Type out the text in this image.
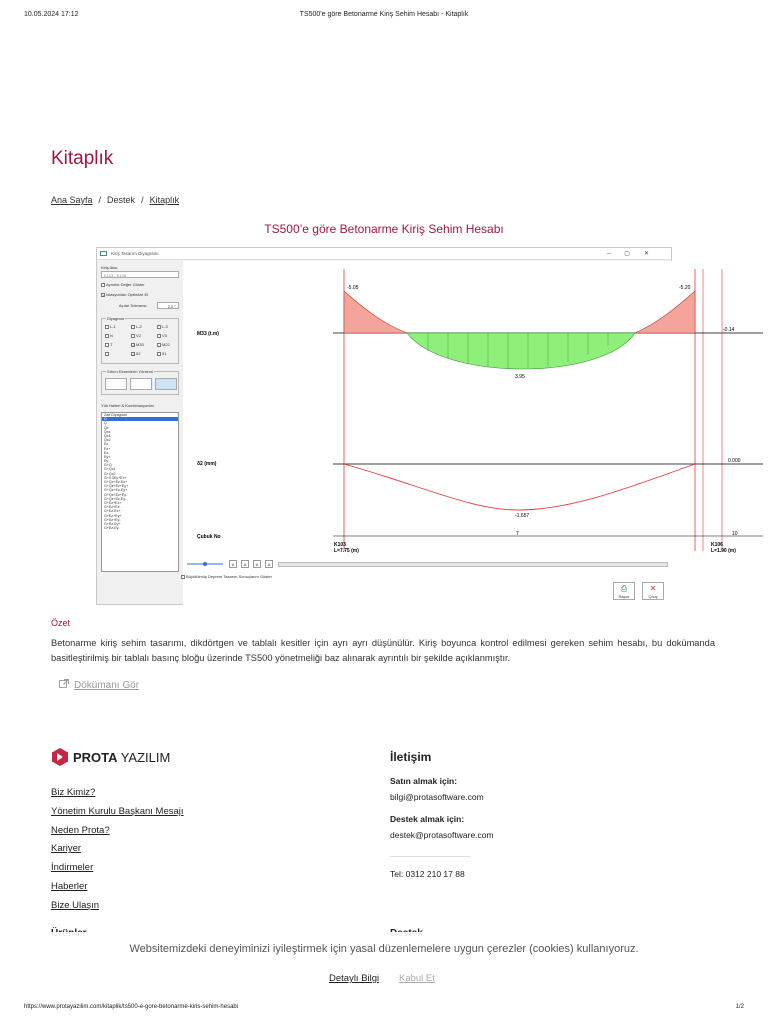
10.05.2024 17:12	TS500'e göre Betonarme Kiriş Sehim Hesabı - Kitaplık
Kitaplık
Ana Sayfa / Destek / Kitaplık
TS500’e göre Betonarme Kiriş Sehim Hesabı
Kiriş Tasarım Diyagramı	–▢✕
Kiriş Aksı
K103 - K106
Ayrıntılı Değer Göster
✓İstasyonları Optimize Et
Açılar Toleransı:	2.0 °
Diyagram
L-1	L-2	L-3
N	V2	V3
T	✓M33	M22
✓δ2	δ1
Sıfırın Eksenlerin Yönlemi
Yük Halleri & Kombinasyonlar
Zarf Diyagram
G
Q
Qc
Qxx
Qx1
Qx2
Ex
Ex+
Ex-
Ey+
Ey-
G+Q
G+Qx1
G+Qx2
G+0.3Ey+Ex+
G+Qx+Ez-Ex+
G+Qz+Ez+Ey+
G+Qz+Ez-Ey+
G+Qz+Ez+Ey-
G+Qz+Ez-Ey-
G+Ez+Ex+
G+Ez+Ex-
G+Ez-Ex+
G+Ez+Ey+
G+Ez+Ey-
G+Ez-Ey+
G+Ez-Ey-
-5.05	-5.20
-0.14
3.95
M33 (t.m)
δ2 (mm)
-1.657
0.000
Çubuk No	7	10
K103
L=7.75 (m)
K106
L=1.90 (m)
A	A	A	A
Büyütülmüş Deprem Tasarım Sonuçlarını Göster
⎙
Rapor
✕
Çıkış
Özet

Betonarme kiriş sehim tasarımı, dikdörtgen ve tablalı kesitler için ayrı ayrı düşünülür. Kiriş boyunca kontrol edilmesi gereken sehim hesabı, bu dokümanda basitleştirilmiş bir tablalı basınç bloğu üzerinde TS500 yönetmeliği baz alınarak ayrıntılı bir şekilde açıklanmıştır.

Dökümanı Gör
PROTA YAZILIM
Biz Kimiz?
Yönetim Kurulu Başkanı Mesajı
Neden Prota?
Kariyer
İndirmeler
Haberler
Bize Ulaşın
İletişim
Satın almak için:
bilgi@protasoftware.com
Destek almak için:
destek@protasoftware.com
Tel: 0312 210 17 88
Websitemizdeki deneyiminizi iyileştirmek için yasal düzenlemelere uygun çerezler (cookies) kullanıyoruz.
Detaylı Bilgi Kabul Et
https://www.protayazilim.com/kitaplik/ts500-e-gore-betonarme-kiris-sehim-hesabi	1/2
